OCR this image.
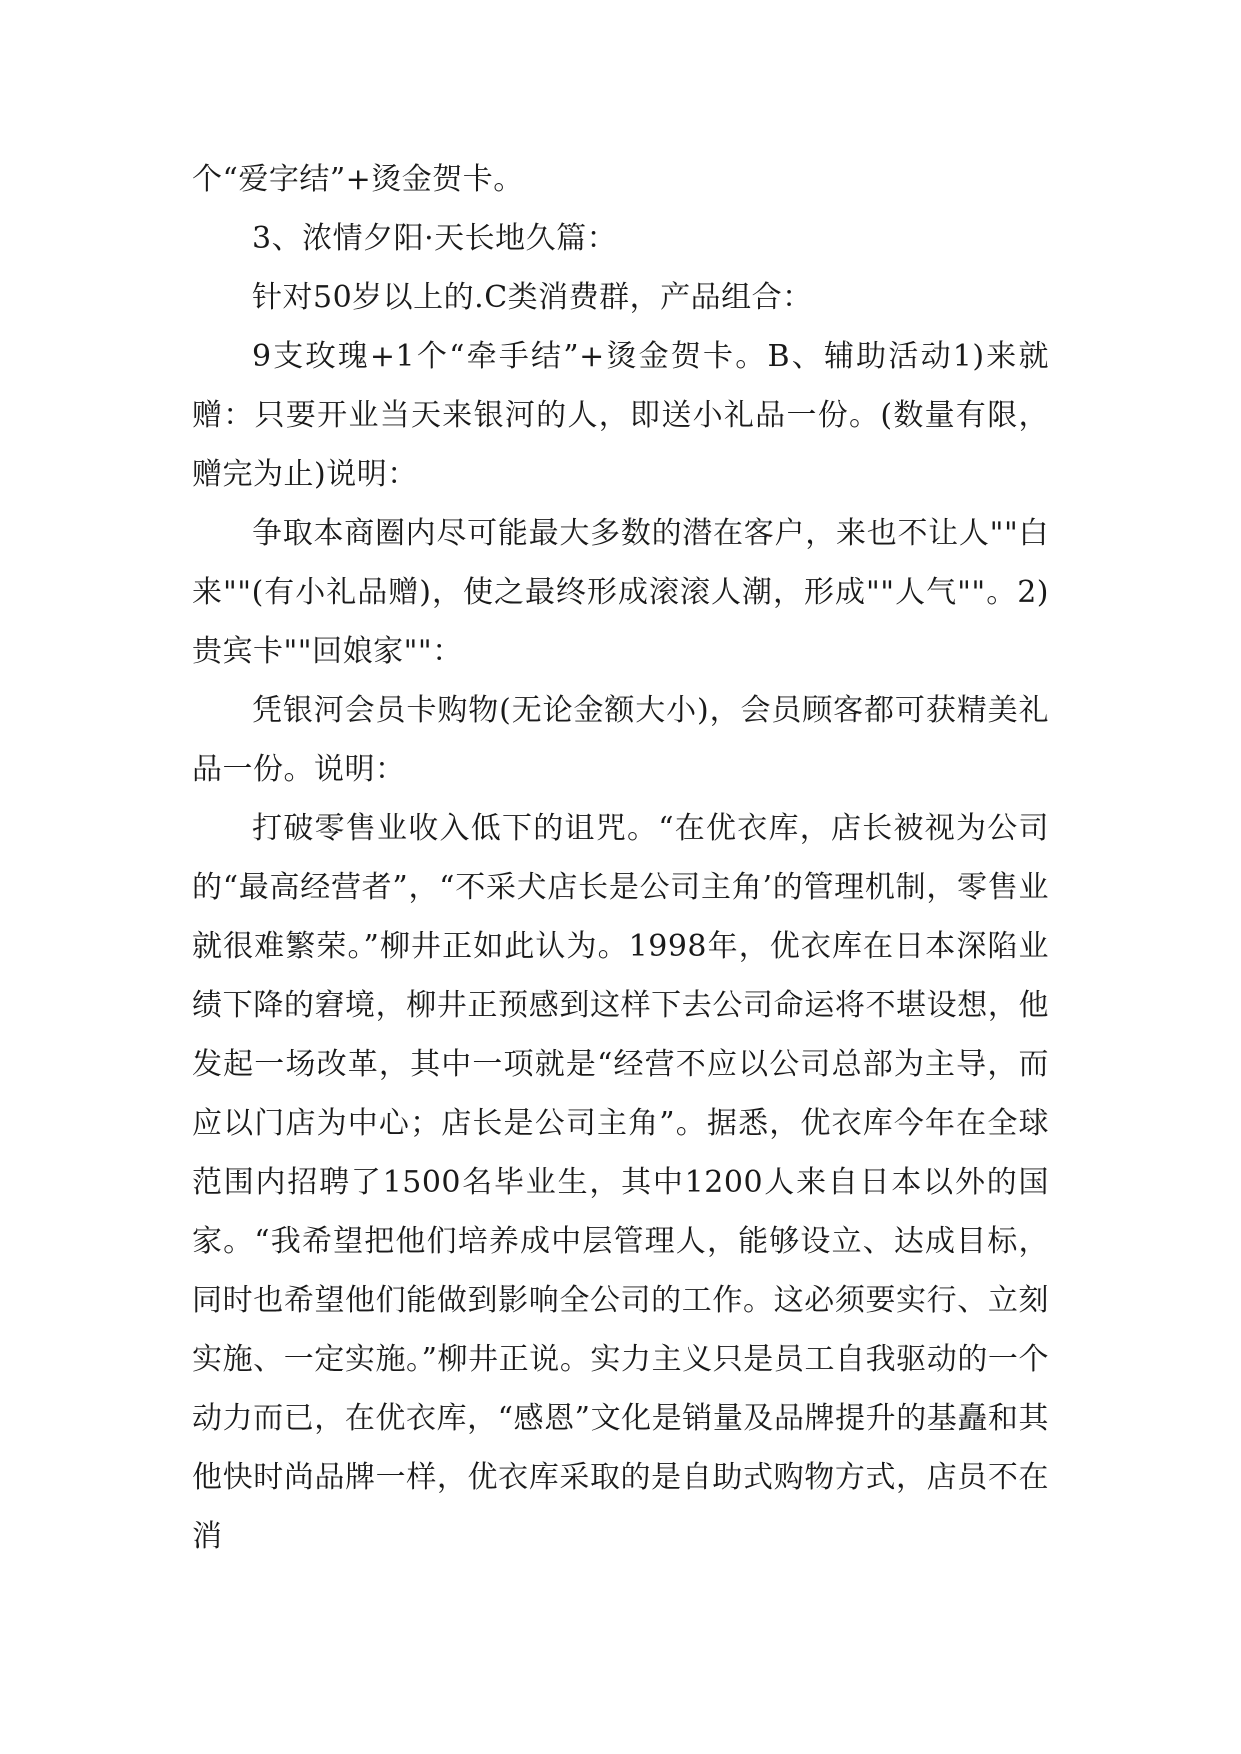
个“爱字结”+烫金贺卡。

3、浓情夕阳·天长地久篇：

针对50岁以上的.C类消费群，产品组合：

9支玫瑰+1个“牵手结”+烫金贺卡。B、辅助活动1)来就赠：只要开业当天来银河的人，即送小礼品一份。(数量有限，赠完为止)说明：

争取本商圈内尽可能最大多数的潜在客户，来也不让人""白来""(有小礼品赠)，使之最终形成滚滚人潮，形成""人气""。2)贵宾卡""回娘家""：

凭银河会员卡购物(无论金额大小)，会员顾客都可获精美礼品一份。说明：

打破零售业收入低下的诅咒。“在优衣库，店长被视为公司的“最高经营者”，“不采犬店长是公司主角’的管理机制，零售业就很难繁荣。”柳井正如此认为。1998年，优衣库在日本深陷业绩下降的窘境，柳井正预感到这样下去公司命运将不堪设想，他发起一场改革，其中一项就是“经营不应以公司总部为主导，而应以门店为中心；店长是公司主角”。据悉，优衣库今年在全球范围内招聘了1500名毕业生，其中1200人来自日本以外的国家。“我希望把他们培养成中层管理人，能够设立、达成目标，同时也希望他们能做到影响全公司的工作。这必须要实行、立刻实施、一定实施。”柳井正说。实力主义只是员工自我驱动的一个动力而已，在优衣库，“感恩”文化是销量及品牌提升的基矗和其他快时尚品牌一样，优衣库采取的是自助式购物方式，店员不在消
